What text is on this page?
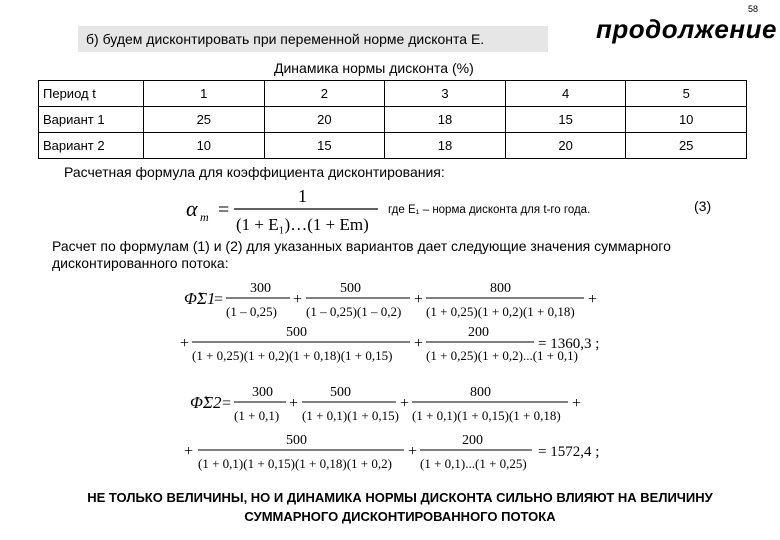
58
б) будем дисконтировать при переменной норме дисконта Е.	продолжение
Динамика нормы дисконта (%)
Период t	1	2	3	4	5
Вариант 1	25	20	18	15	10
Вариант 2	10	15	18	20	25
Расчетная формула для коэффициента дисконтирования:
где E₁ – норма дисконта для t-го года.	(3)
Расчет по формулам (1) и (2) для указанных вариантов дает следующие значения суммарного дисконтированного потока:
α m =
1
(1 + E₁)…(1 + Em)
Φ̃Σ1
=
300
(1 – 0,25)
+
500
(1 – 0,25)(1 – 0,2)
+
800
(1 + 0,25)(1 + 0,2)(1 + 0,18)
+
+
500
(1 + 0,25)(1 + 0,2)(1 + 0,18)(1 + 0,15)
+
200
(1 + 0,25)(1 + 0,2)...(1 + 0,1)
= 1360,3 ;
Φ̃Σ2 =
300
(1 + 0,1)
+
500
(1 + 0,1)(1 + 0,15)
+
800
(1 + 0,1)(1 + 0,15)(1 + 0,18)
+
+
500
(1 + 0,1)(1 + 0,15)(1 + 0,18)(1 + 0,2)
+
200
(1 + 0,1)...(1 + 0,25)
= 1572,4 ;
НЕ ТОЛЬКО ВЕЛИЧИНЫ, НО И ДИНАМИКА НОРМЫ ДИСКОНТА СИЛЬНО ВЛИЯЮТ НА ВЕЛИЧИНУ СУММАРНОГО ДИСКОНТИРОВАННОГО ПОТОКА
